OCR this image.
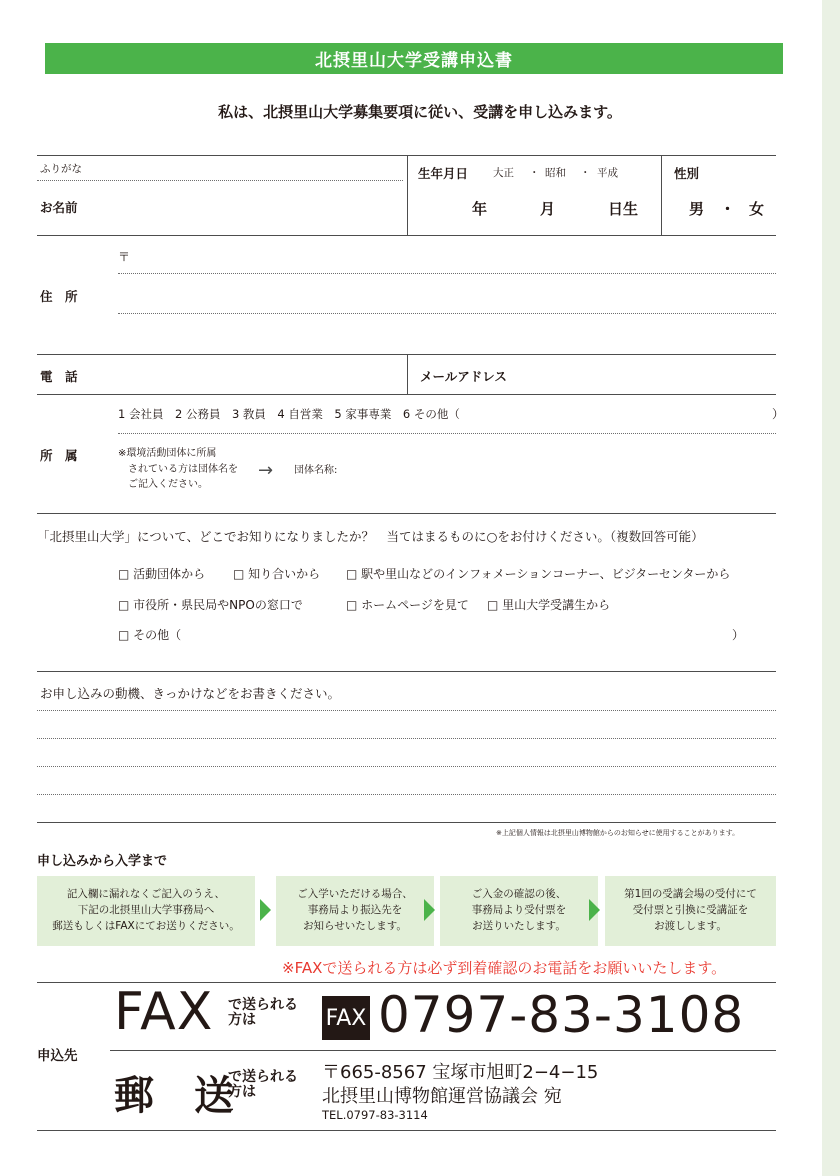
北摂里山大学受講申込書
私は、北摂里山大学募集要項に従い、受講を申し込みます。
ふりがな
お名前
生年月日 大正 ・ 昭和 ・ 平成
年	月	日生
性別
男 ・ 女
〒
住　所
電　話	メールアドレス
1 会社員　2 公務員　3 教員　4 自営業　5 家事専業　6 その他（	）
所　属	※環境活動団体に所属
　されている方は団体名を
　ご記入ください。
→ 団体名称:
「北摂里山大学」について、どこでお知りになりましたか？　当てはまるものに○をお付けください。（複数回答可能）
□ 活動団体から □ 知り合いから □ 駅や里山などのインフォメーションコーナー、ビジターセンターから
□ 市役所・県民局やNPOの窓口で	□ ホームページを見て □ 里山大学受講生から
□ その他（	）
お申し込みの動機、きっかけなどをお書きください。
※上記個人情報は北摂里山博物館からのお知らせに使用することがあります。
申し込みから入学まで
記入欄に漏れなくご記入のうえ、
下記の北摂里山大学事務局へ
郵送もしくはFAXにてお送りください。
ご入学いただける場合、
事務局より振込先を
お知らせいたします。
ご入金の確認の後、
事務局より受付票を
お送りいたします。
第1回の受講会場の受付にて
受付票と引換に受講証を
お渡しします。
※FAXで送られる方は必ず到着確認のお電話をお願いいたします。
申込先
FAX で送られる
方は	FAX 0797-83-3108
郵　送
で送られる
方は
〒665-8567 宝塚市旭町2−4−15
北摂里山博物館運営協議会 宛
TEL.0797-83-3114
